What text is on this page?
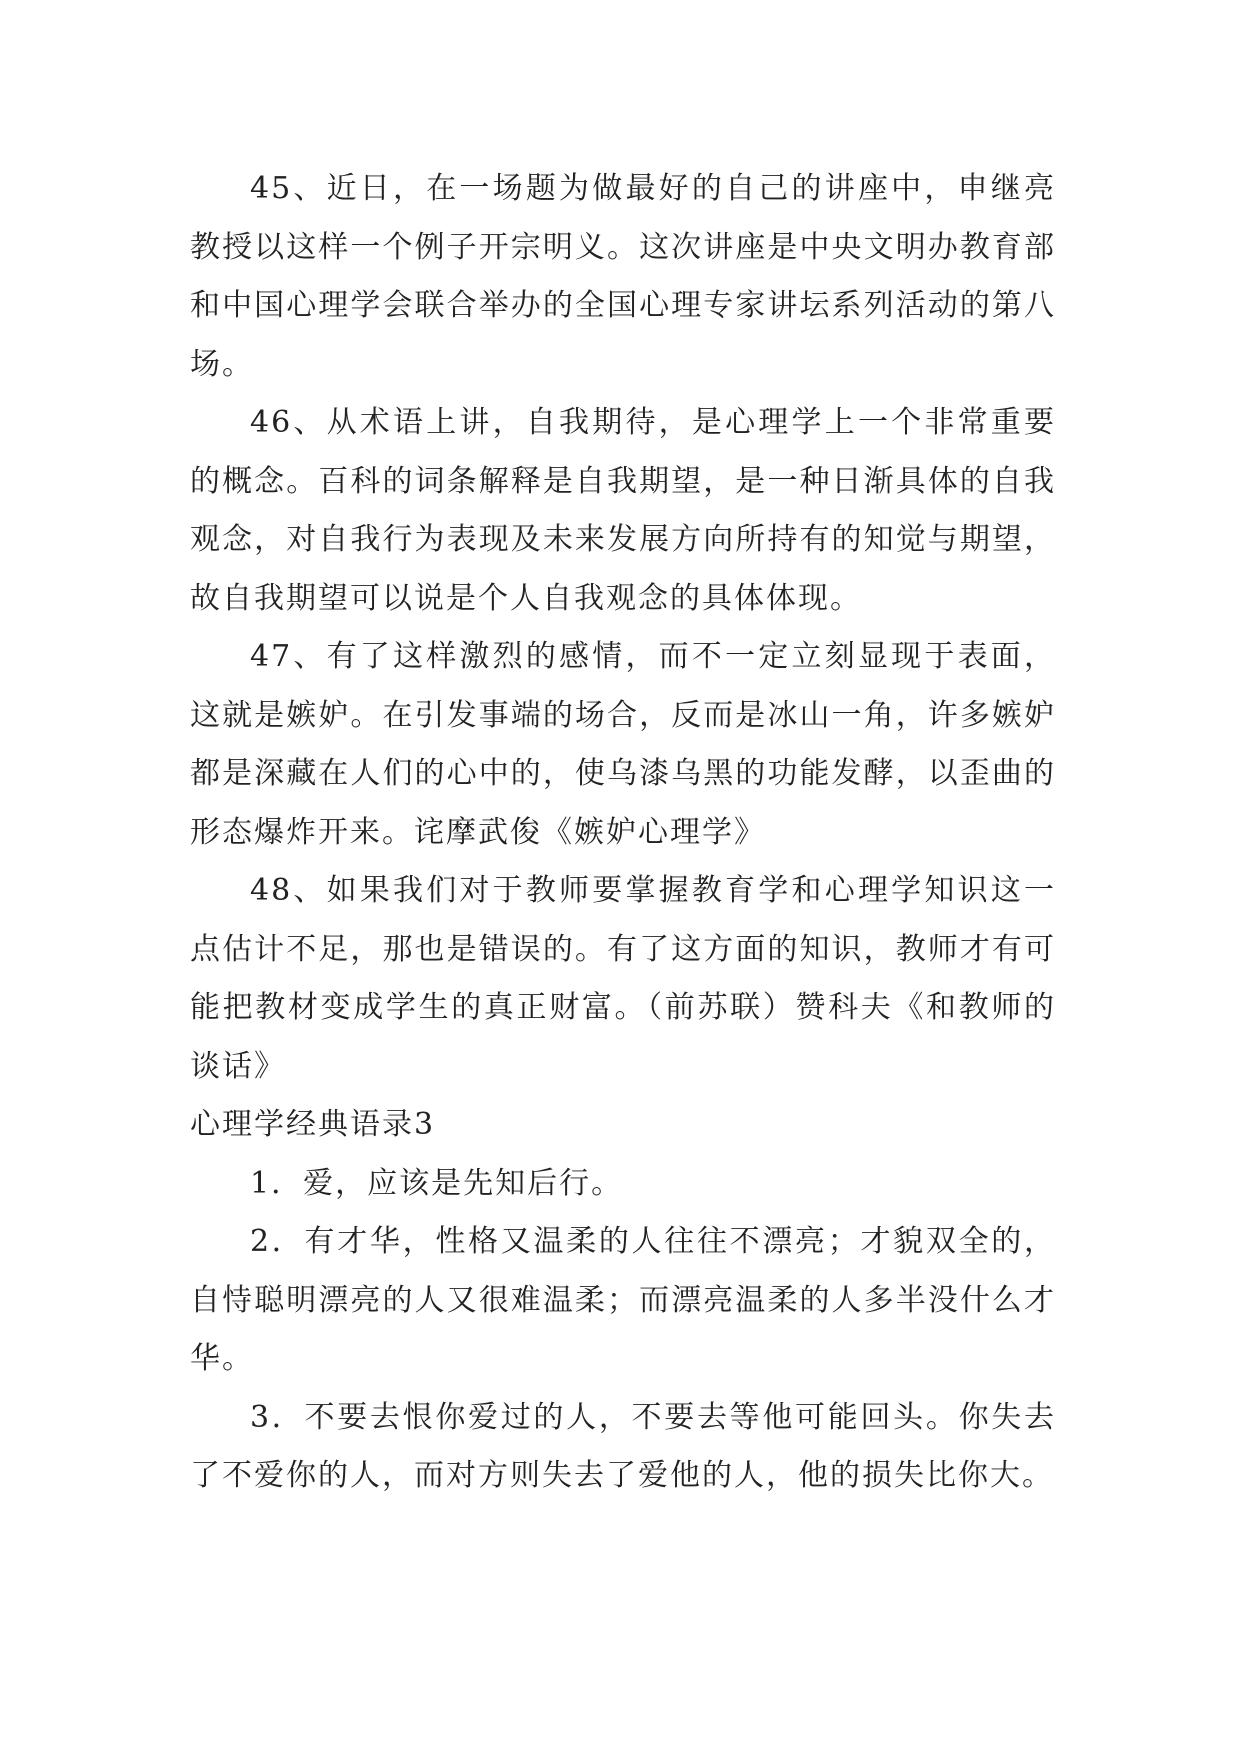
45、近日，在一场题为做最好的自己的讲座中，申继亮教授以这样一个例子开宗明义。这次讲座是中央文明办教育部和中国心理学会联合举办的全国心理专家讲坛系列活动的第八场。

46、从术语上讲，自我期待，是心理学上一个非常重要的概念。百科的词条解释是自我期望，是一种日渐具体的自我观念，对自我行为表现及未来发展方向所持有的知觉与期望，故自我期望可以说是个人自我观念的具体体现。

47、有了这样激烈的感情，而不一定立刻显现于表面，这就是嫉妒。在引发事端的场合，反而是冰山一角，许多嫉妒都是深藏在人们的心中的，使乌漆乌黑的功能发酵，以歪曲的形态爆炸开来。诧摩武俊《嫉妒心理学》

48、如果我们对于教师要掌握教育学和心理学知识这一点估计不足，那也是错误的。有了这方面的知识，教师才有可能把教材变成学生的真正财富。（前苏联）赞科夫《和教师的谈话》

心理学经典语录3

1．爱，应该是先知后行。

2．有才华，性格又温柔的人往往不漂亮；才貌双全的，自恃聪明漂亮的人又很难温柔；而漂亮温柔的人多半没什么才华。

3．不要去恨你爱过的人，不要去等他可能回头。你失去了不爱你的人，而对方则失去了爱他的人，他的损失比你大。
